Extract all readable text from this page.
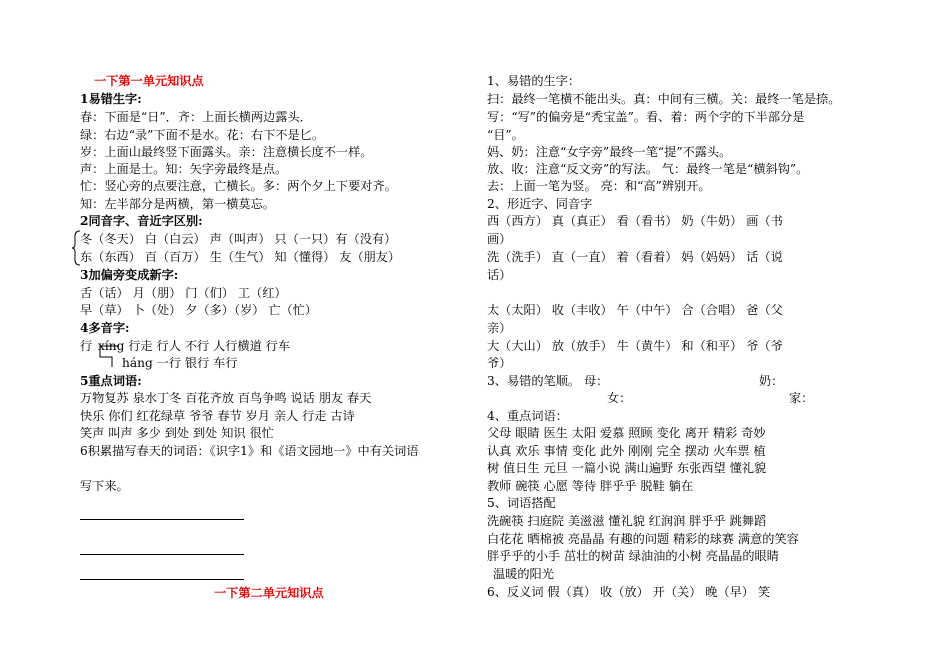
一下第一单元知识点
1易错生字:
春：下面是“日”．齐：上面长横两边露头．
绿：右边“录”下面不是水。花：右下不是匕。
岁：上面山最终竖下面露头。亲：注意横长度不一样。
声：上面是士。知：矢字旁最终是点。
忙：竖心旁的点要注意，亡横长。多：两个夕上下要对齐。
知：左半部分是两横，第一横莫忘。
2同音字、音近字区别:
冬（冬天） 白（白云） 声（叫声） 只（一只）有（没有）
东（东西） 百（百万） 生（生气） 知（懂得） 友（朋友）
3加偏旁变成新字:
舌（话） 月（朋） 门（们） 工（红）
早（草） 卜（处） 夕（多）（岁） 亡（忙）
4多音字:
行 xíng 行走 行人 不行 人行横道 行车
háng 一行 银行 车行
5重点词语:
万物复苏 泉水丁冬 百花齐放 百鸟争鸣 说话 朋友 春天
快乐 你们 红花绿草 爷爷 春节 岁月 亲人 行走 古诗
笑声 叫声 多少 到处 到处 知识 很忙
6积累描写春天的词语：《识字1》和《语文园地一》中有关词语
写下来。
一下第二单元知识点
1、易错的生字：
扫：最终一笔横不能出头。真：中间有三横。关：最终一笔是捺。
写：“写”的偏旁是“秃宝盖”。看、着：两个字的下半部分是
“目”。
妈、奶：注意“女字旁”最终一笔“提”不露头。
放、收：注意“反文旁”的写法。 气：最终一笔是“横斜钩”。
去：上面一笔为竖。 亮：和“高”辨别开。
2、形近字、同音字
西（西方） 真（真正） 看（看书） 奶（牛奶） 画（书
画）
洗（洗手） 直（一直） 着（看着） 妈（妈妈） 话（说
话）
太（太阳） 收（丰收） 午（中午） 合（合唱） 爸（父
亲）
大（大山） 放（放手） 牛（黄牛） 和（和平） 爷（爷
爷）
3、易错的笔顺。 母：	奶：
女：	家：
4、重点词语：
父母 眼睛 医生 太阳 爱慕 照顾 变化 离开 精彩 奇妙
认真 欢乐 事情 变化 此外 刚刚 完全 摆动 火车票 植
树 值日生 元旦 一篇小说 满山遍野 东张西望 懂礼貌
教师 碗筷 心愿 等待 胖乎乎 脱鞋 躺在
5、词语搭配
洗碗筷 扫庭院 美滋滋 懂礼貌 红润润 胖乎乎 跳舞蹈
白花花 晒棉被 亮晶晶 有趣的问题 精彩的球赛 满意的笑容
胖乎乎的小手 茁壮的树苗 绿油油的小树 亮晶晶的眼睛
温暖的阳光
6、反义词 假（真） 收（放） 开（关） 晚（早） 笑
